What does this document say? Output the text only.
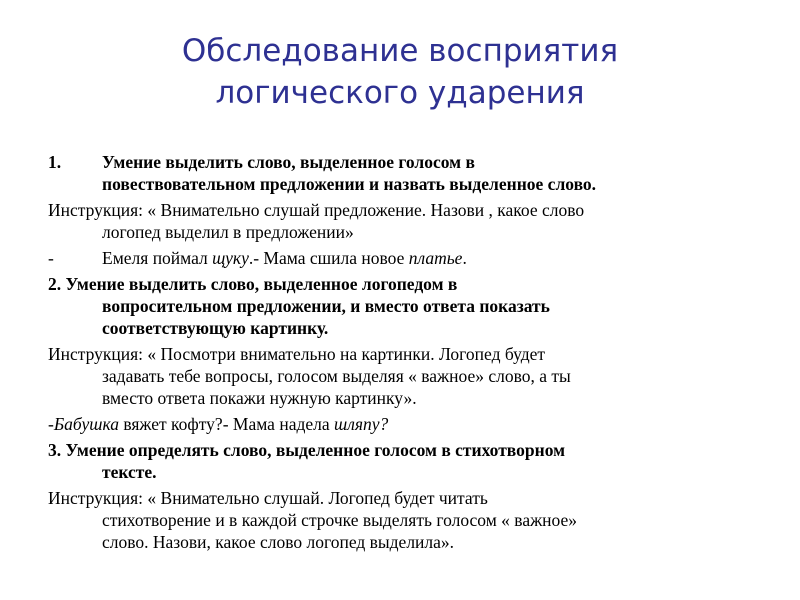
Обследование восприятия
логического ударения
1. Умение выделить слово, выделенное голосом в
повествовательном предложении и назвать выделенное слово.
Инструкция: « Внимательно слушай предложение. Назови , какое слово
логопед выделил в предложении»
-	Емеля поймал щуку.- Мама сшила новое платье.
2. Умение выделить слово, выделенное логопедом в
вопросительном предложении, и вместо ответа показать
соответствующую картинку.
Инструкция: « Посмотри внимательно на картинки. Логопед будет
задавать тебе вопросы, голосом выделяя « важное» слово, а ты
вместо ответа покажи нужную картинку».
-Бабушка вяжет кофту?- Мама надела шляпу?
3. Умение определять слово, выделенное голосом в стихотворном
тексте.
Инструкция: « Внимательно слушай. Логопед будет читать
стихотворение и в каждой строчке выделять голосом « важное»
слово. Назови, какое слово логопед выделила».
